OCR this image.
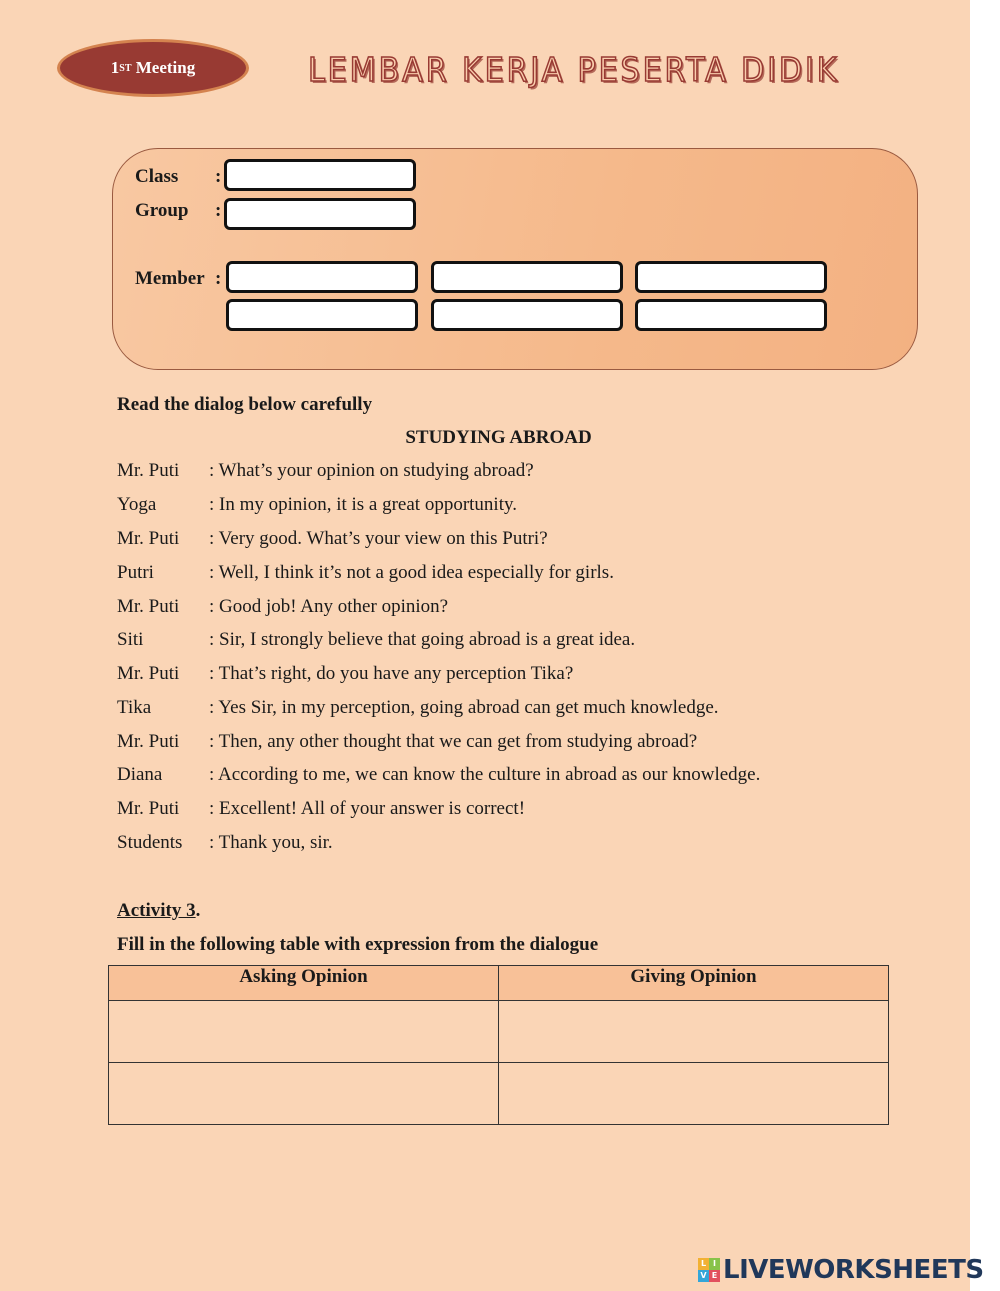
1 ST
Meeting	LEMBAR KERJA PESERTA DIDIK
Class :
Group :
Member :
Read the dialog below carefully
STUDYING ABROAD
Mr. Puti : What’s your opinion on studying abroad?
Yoga	: In my opinion, it is a great opportunity.
Mr. Puti : Very good. What’s your view on this Putri?
Putri	: Well, I think it’s not a good idea especially for girls.
Mr. Puti : Good job! Any other opinion?
Siti	: Sir, I strongly believe that going abroad is a great idea.
Mr. Puti : That’s right, do you have any perception Tika?
Tika	: Yes Sir, in my perception, going abroad can get much knowledge.
Mr. Puti : Then, any other thought that we can get from studying abroad?
Diana : According to me, we can know the culture in abroad as our knowledge.
Mr. Puti : Excellent! All of your answer is correct!
Students : Thank you, sir.
Activity 3.
Fill in the following table with expression from the dialogue
Asking Opinion	Giving Opinion

L I
V E LIVEWORKSHEETS
